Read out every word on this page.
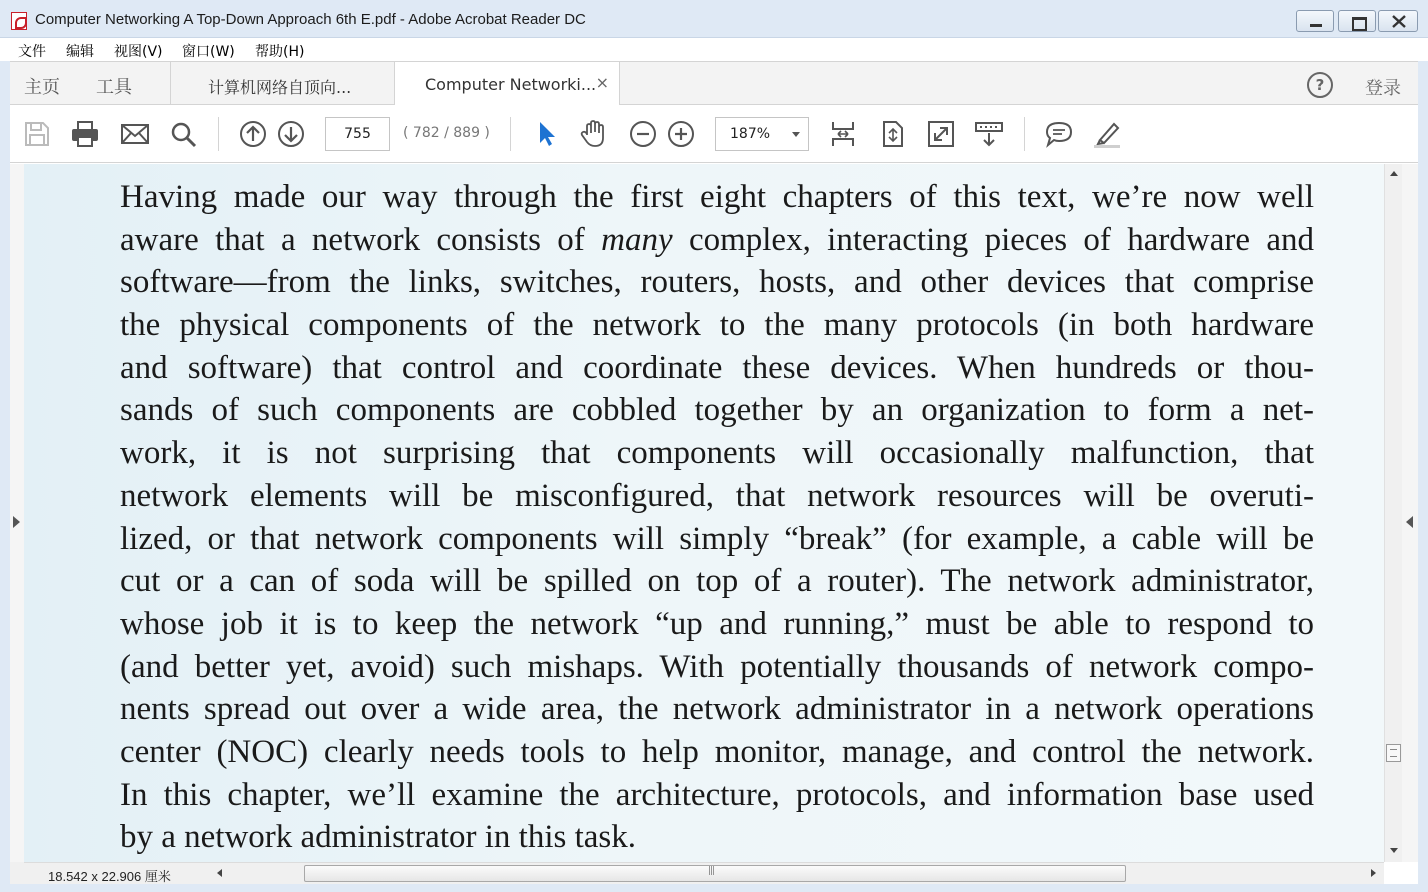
Computer Networking A Top-Down Approach 6th E.pdf - Adobe Acrobat Reader DC
文件 编辑 视图(V) 窗口(W) 帮助(H)
主页 工具	计算机网络自顶向...	Computer Networki... ×	?	登录
755	( 782 / 889 )	187%
Having made our way through the first eight chapters of this text, we’re now well
aware that a network consists of many complex, interacting pieces of hardware and
software—from the links, switches, routers, hosts, and other devices that comprise
the physical components of the network to the many protocols (in both hardware
and software) that control and coordinate these devices. When hundreds or thou-
sands of such components are cobbled together by an organization to form a net-
work, it is not surprising that components will occasionally malfunction, that
network elements will be misconfigured, that network resources will be overuti-
lized, or that network components will simply “break” (for example, a cable will be
cut or a can of soda will be spilled on top of a router). The network administrator,
whose job it is to keep the network “up and running,” must be able to respond to
(and better yet, avoid) such mishaps. With potentially thousands of network compo-
nents spread out over a wide area, the network administrator in a network operations
center (NOC) clearly needs tools to help monitor, manage, and control the network.
In this chapter, we’ll examine the architecture, protocols, and information base used
by a network administrator in this task.
18.542 x 22.906 厘米
|||
